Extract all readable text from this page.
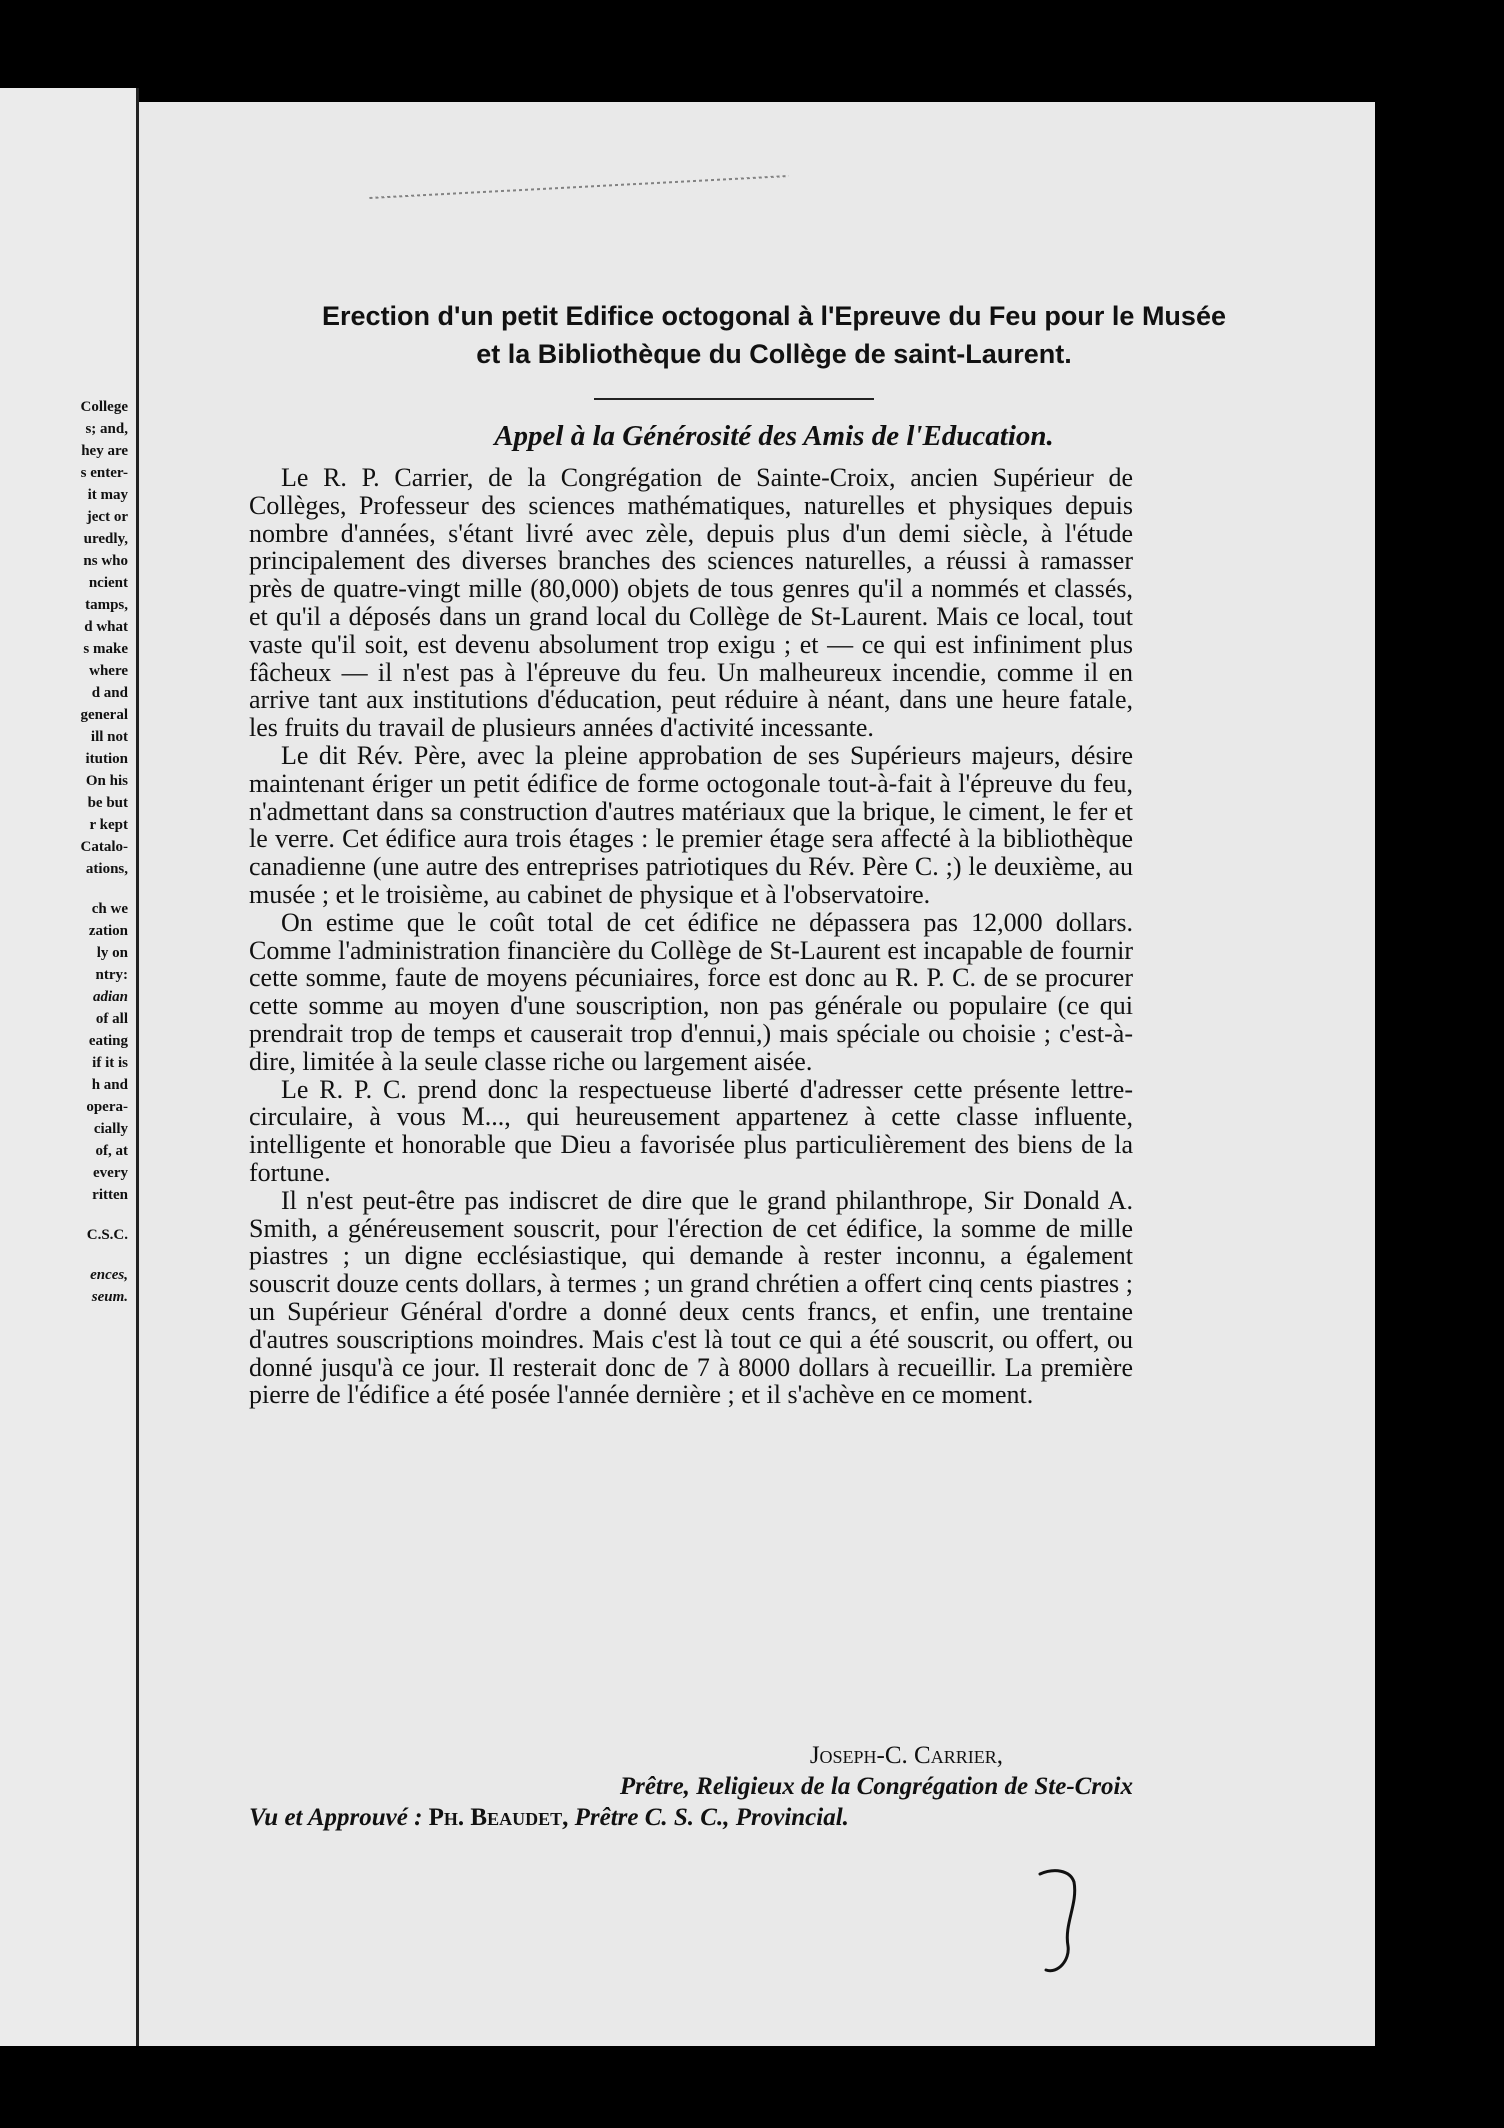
College
s; and,
hey are
s enter-
it may
ject or
uredly,
ns who
ncient
tamps,
d what
s make
where
d and
general
ill not
itution
On his
be but
r kept
Catalo-
ations,
ch we
zation
ly on
ntry:
adian
of all
eating
if it is
h and
opera-
cially
of, at
every
ritten
C.S.C.
ences,
seum.
Erection d'un petit Edifice octogonal à l'Epreuve du Feu pour le Musée
et la Bibliothèque du Collège de saint-Laurent.
Appel à la Générosité des Amis de l'Education.

Le R. P. Carrier, de la Congrégation de Sainte-Croix, ancien Supérieur de Collèges, Professeur des sciences mathématiques, naturelles et physiques depuis nombre d'années, s'étant livré avec zèle, depuis plus d'un demi siècle, à l'étude principalement des diverses branches des sciences naturelles, a réussi à ramasser près de quatre-vingt mille (80,000) objets de tous genres qu'il a nommés et classés, et qu'il a déposés dans un grand local du Collège de St-Laurent. Mais ce local, tout vaste qu'il soit, est devenu absolument trop exigu ; et — ce qui est infiniment plus fâcheux — il n'est pas à l'épreuve du feu. Un malheureux incendie, comme il en arrive tant aux institutions d'éducation, peut réduire à néant, dans une heure fatale, les fruits du travail de plusieurs années d'activité incessante.

Le dit Rév. Père, avec la pleine approbation de ses Supérieurs majeurs, désire maintenant ériger un petit édifice de forme octogonale tout-à-fait à l'épreuve du feu, n'admettant dans sa construction d'autres matériaux que la brique, le ciment, le fer et le verre. Cet édifice aura trois étages : le premier étage sera affecté à la bibliothèque canadienne (une autre des entreprises patriotiques du Rév. Père C. ;) le deuxième, au musée ; et le troisième, au cabinet de physique et à l'observatoire.

On estime que le coût total de cet édifice ne dépassera pas 12,000 dollars. Comme l'administration financière du Collège de St-Laurent est incapable de fournir cette somme, faute de moyens pécuniaires, force est donc au R. P. C. de se procurer cette somme au moyen d'une souscription, non pas générale ou populaire (ce qui prendrait trop de temps et causerait trop d'ennui,) mais spéciale ou choisie ; c'est-à-dire, limitée à la seule classe riche ou largement aisée.

Le R. P. C. prend donc la respectueuse liberté d'adresser cette présente lettre-circulaire, à vous M..., qui heureusement appartenez à cette classe influente, intelligente et honorable que Dieu a favorisée plus particulièrement des biens de la fortune.

Il n'est peut-être pas indiscret de dire que le grand philanthrope, Sir Donald A. Smith, a généreusement souscrit, pour l'érection de cet édifice, la somme de mille piastres ; un digne ecclésiastique, qui demande à rester inconnu, a également souscrit douze cents dollars, à termes ; un grand chrétien a offert cinq cents piastres ; un Supérieur Général d'ordre a donné deux cents francs, et enfin, une trentaine d'autres souscriptions moindres. Mais c'est là tout ce qui a été souscrit, ou offert, ou donné jusqu'à ce jour. Il resterait donc de 7 à 8000 dollars à recueillir. La première pierre de l'édifice a été posée l'année dernière ; et il s'achève en ce moment.

Joseph-C. Carrier,
Prêtre, Religieux de la Congrégation de Ste-Croix
Vu et Approuvé : Ph. Beaudet, Prêtre C. S. C., Provincial.
